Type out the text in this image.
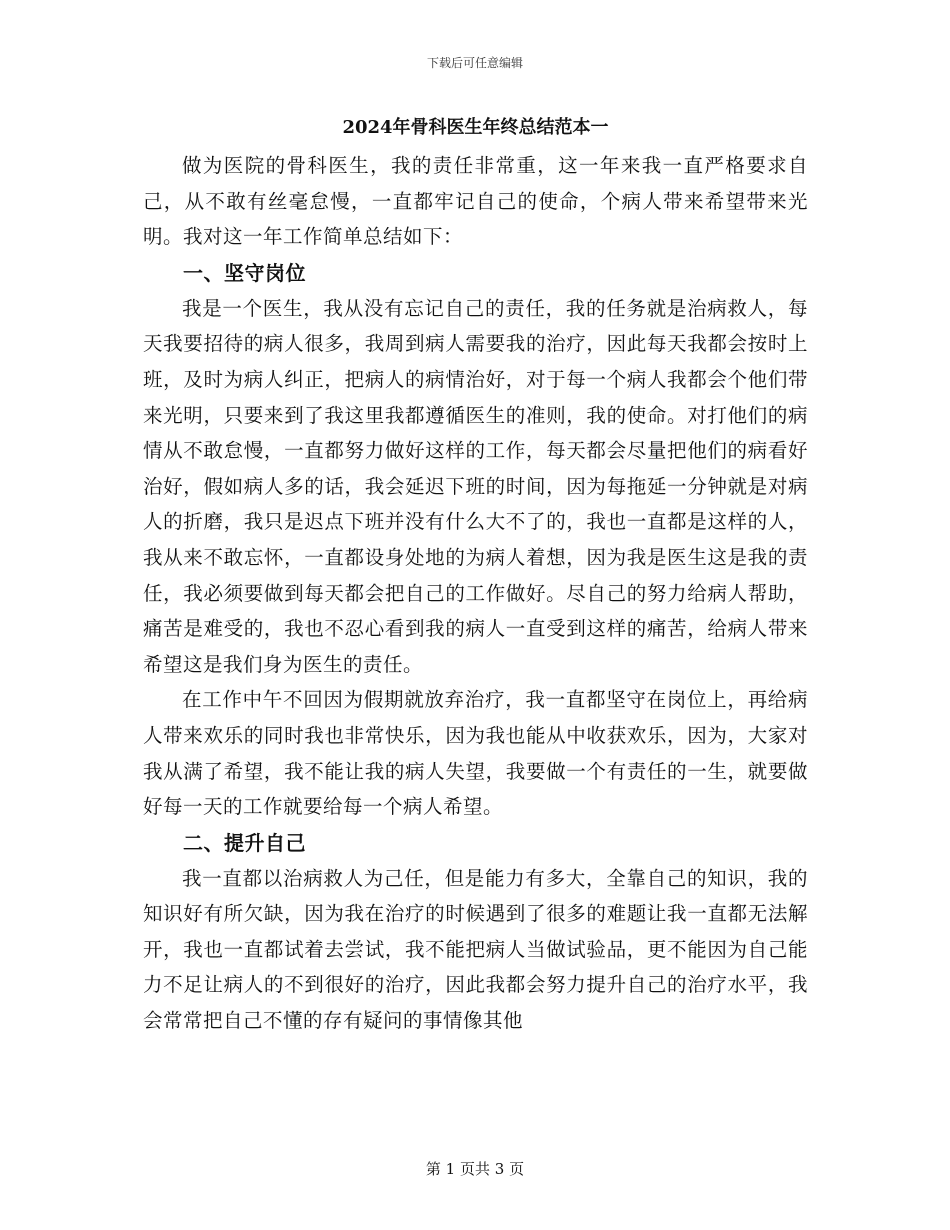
下载后可任意编辑
2024年骨科医生年终总结范本一

做为医院的骨科医生，我的责任非常重，这一年来我一直严格要求自己，从不敢有丝毫怠慢，一直都牢记自己的使命，个病人带来希望带来光明。我对这一年工作简单总结如下：

一、坚守岗位

我是一个医生，我从没有忘记自己的责任，我的任务就是治病救人，每天我要招待的病人很多，我周到病人需要我的治疗，因此每天我都会按时上班，及时为病人纠正，把病人的病情治好，对于每一个病人我都会个他们带来光明，只要来到了我这里我都遵循医生的准则，我的使命。对打他们的病情从不敢怠慢，一直都努力做好这样的工作，每天都会尽量把他们的病看好治好，假如病人多的话，我会延迟下班的时间，因为每拖延一分钟就是对病人的折磨，我只是迟点下班并没有什么大不了的，我也一直都是这样的人，我从来不敢忘怀，一直都设身处地的为病人着想，因为我是医生这是我的责任，我必须要做到每天都会把自己的工作做好。尽自己的努力给病人帮助，痛苦是难受的，我也不忍心看到我的病人一直受到这样的痛苦，给病人带来希望这是我们身为医生的责任。

在工作中午不回因为假期就放弃治疗，我一直都坚守在岗位上，再给病人带来欢乐的同时我也非常快乐，因为我也能从中收获欢乐，因为，大家对我从满了希望，我不能让我的病人失望，我要做一个有责任的一生，就要做好每一天的工作就要给每一个病人希望。

二、提升自己

我一直都以治病救人为己任，但是能力有多大，全靠自己的知识，我的知识好有所欠缺，因为我在治疗的时候遇到了很多的难题让我一直都无法解开，我也一直都试着去尝试，我不能把病人当做试验品，更不能因为自己能力不足让病人的不到很好的治疗，因此我都会努力提升自己的治疗水平，我会常常把自己不懂的存有疑问的事情像其他

第 1 页共 3 页
